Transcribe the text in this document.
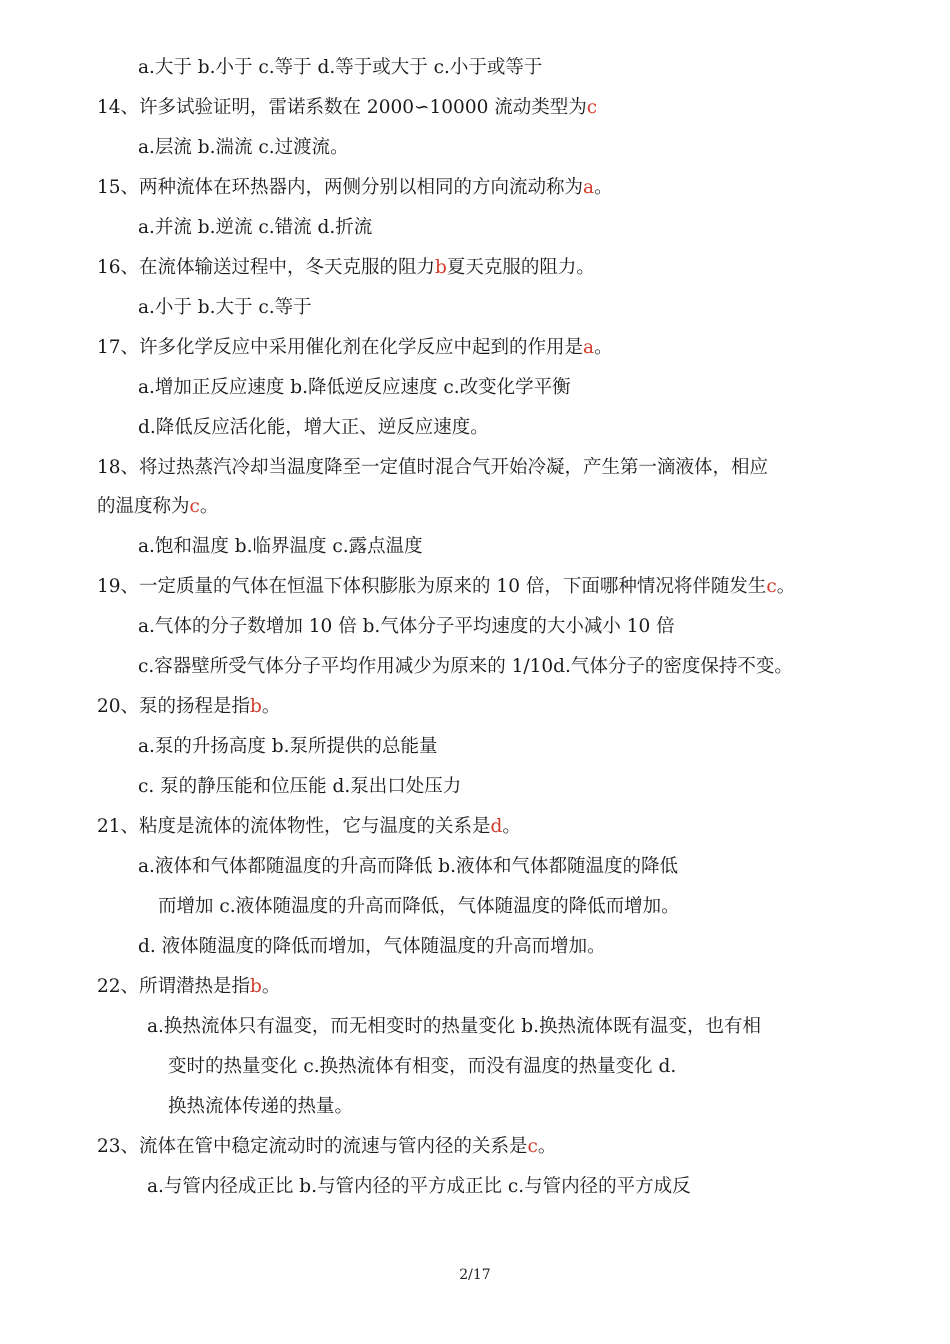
a.大于 b.小于 c.等于 d.等于或大于 c.小于或等于
14、许多试验证明，雷诺系数在 2000∽10000 流动类型为c
a.层流 b.湍流 c.过渡流。
15、两种流体在环热器内，两侧分别以相同的方向流动称为a。
a.并流 b.逆流 c.错流 d.折流
16、在流体输送过程中，冬天克服的阻力b夏天克服的阻力。
a.小于 b.大于 c.等于
17、许多化学反应中采用催化剂在化学反应中起到的作用是a。
a.增加正反应速度 b.降低逆反应速度 c.改变化学平衡
d.降低反应活化能，增大正、逆反应速度。
18、将过热蒸汽冷却当温度降至一定值时混合气开始冷凝，产生第一滴液体，相应
的温度称为c。
a.饱和温度 b.临界温度 c.露点温度
19、一定质量的气体在恒温下体积膨胀为原来的 10 倍，下面哪种情况将伴随发生c。
a.气体的分子数增加 10 倍 b.气体分子平均速度的大小减小 10 倍
c.容器壁所受气体分子平均作用减少为原来的 1/10d.气体分子的密度保持不变。
20、泵的扬程是指b。
a.泵的升扬高度 b.泵所提供的总能量
c. 泵的静压能和位压能 d.泵出口处压力
21、粘度是流体的流体物性，它与温度的关系是d。
a.液体和气体都随温度的升高而降低 b.液体和气体都随温度的降低
而增加 c.液体随温度的升高而降低，气体随温度的降低而增加。
d. 液体随温度的降低而增加，气体随温度的升高而增加。
22、所谓潜热是指b。
a.换热流体只有温变，而无相变时的热量变化 b.换热流体既有温变，也有相
变时的热量变化 c.换热流体有相变，而没有温度的热量变化 d.
换热流体传递的热量。
23、流体在管中稳定流动时的流速与管内径的关系是c。
a.与管内径成正比 b.与管内径的平方成正比 c.与管内径的平方成反
2/17
